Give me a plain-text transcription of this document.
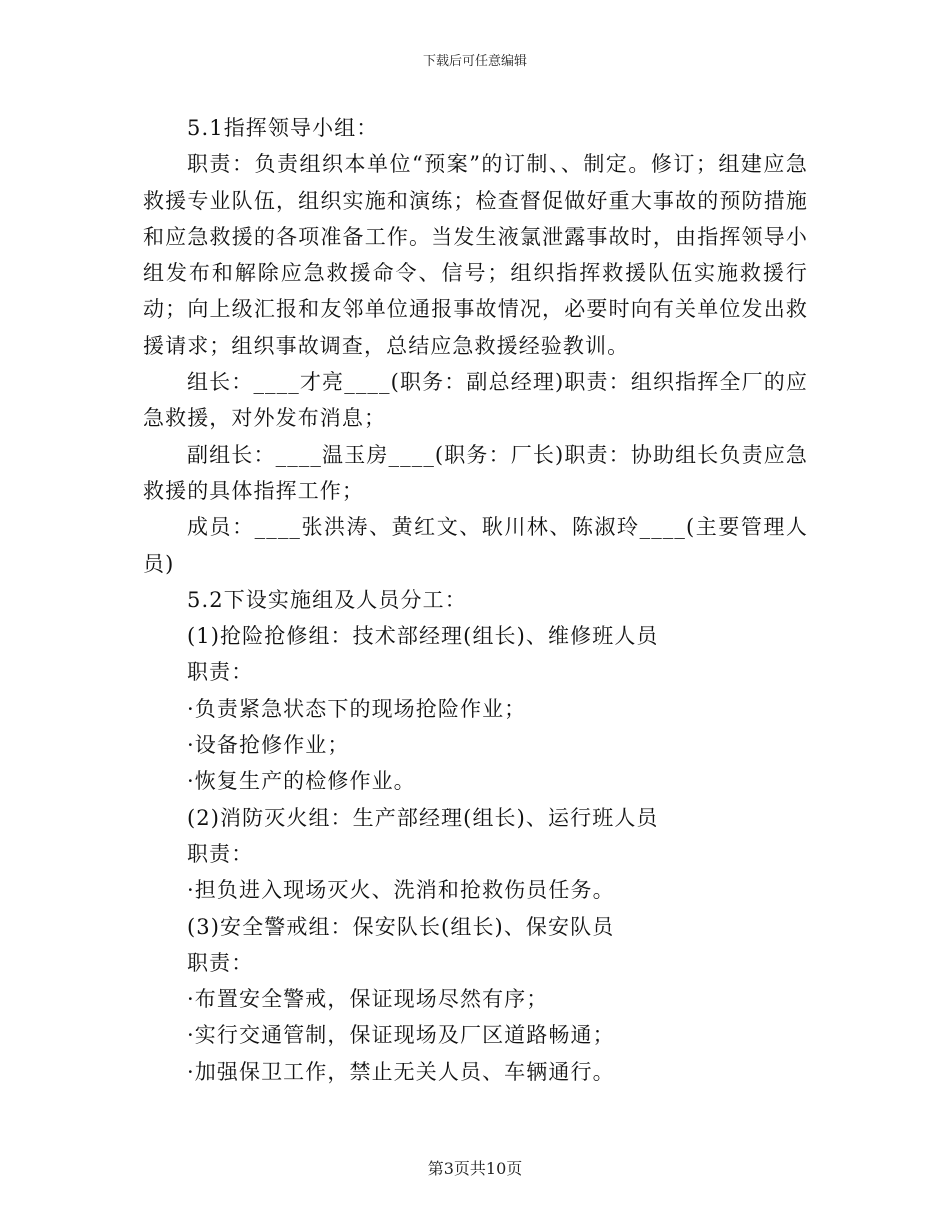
下载后可任意编辑

5.1指挥领导小组：

职责：负责组织本单位“预案”的订制、、制定。修订；组建应急救援专业队伍，组织实施和演练；检查督促做好重大事故的预防措施和应急救援的各项准备工作。当发生液氯泄露事故时，由指挥领导小组发布和解除应急救援命令、信号；组织指挥救援队伍实施救援行动；向上级汇报和友邻单位通报事故情况，必要时向有关单位发出救援请求；组织事故调查，总结应急救援经验教训。

组长：____才亮____(职务：副总经理)职责：组织指挥全厂的应急救援，对外发布消息；

副组长：____温玉房____(职务：厂长)职责：协助组长负责应急救援的具体指挥工作；

成员：____张洪涛、黄红文、耿川林、陈淑玲____(主要管理人员)

5.2下设实施组及人员分工：

(1)抢险抢修组：技术部经理(组长)、维修班人员

职责：

·负责紧急状态下的现场抢险作业；

·设备抢修作业；

·恢复生产的检修作业。

(2)消防灭火组：生产部经理(组长)、运行班人员

职责：

·担负进入现场灭火、洗消和抢救伤员任务。

(3)安全警戒组：保安队长(组长)、保安队员

职责：

·布置安全警戒，保证现场尽然有序；

·实行交通管制，保证现场及厂区道路畅通；

·加强保卫工作，禁止无关人员、车辆通行。

第3页共10页
